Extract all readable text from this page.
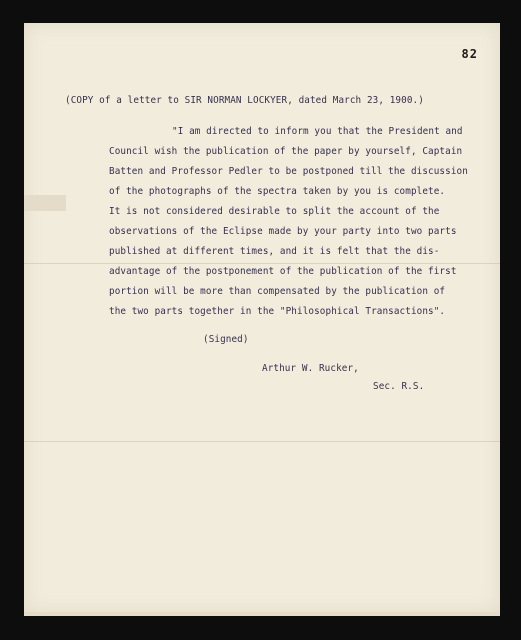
82
(COPY of a letter to SIR NORMAN LOCKYER, dated March 23, 1900.)
"I am directed to inform you that the President and
Council wish the publication of the paper by yourself, Captain
Batten and Professor Pedler to be postponed till the discussion
of the photographs of the spectra taken by you is complete.
It is not considered desirable to split the account of the
observations of the Eclipse made by your party into two parts
published at different times, and it is felt that the dis-
advantage of the postponement of the publication of the first
portion will be more than compensated by the publication of
the two parts together in the "Philosophical Transactions".
(Signed)
Arthur W. Rucker,
Sec. R.S.
